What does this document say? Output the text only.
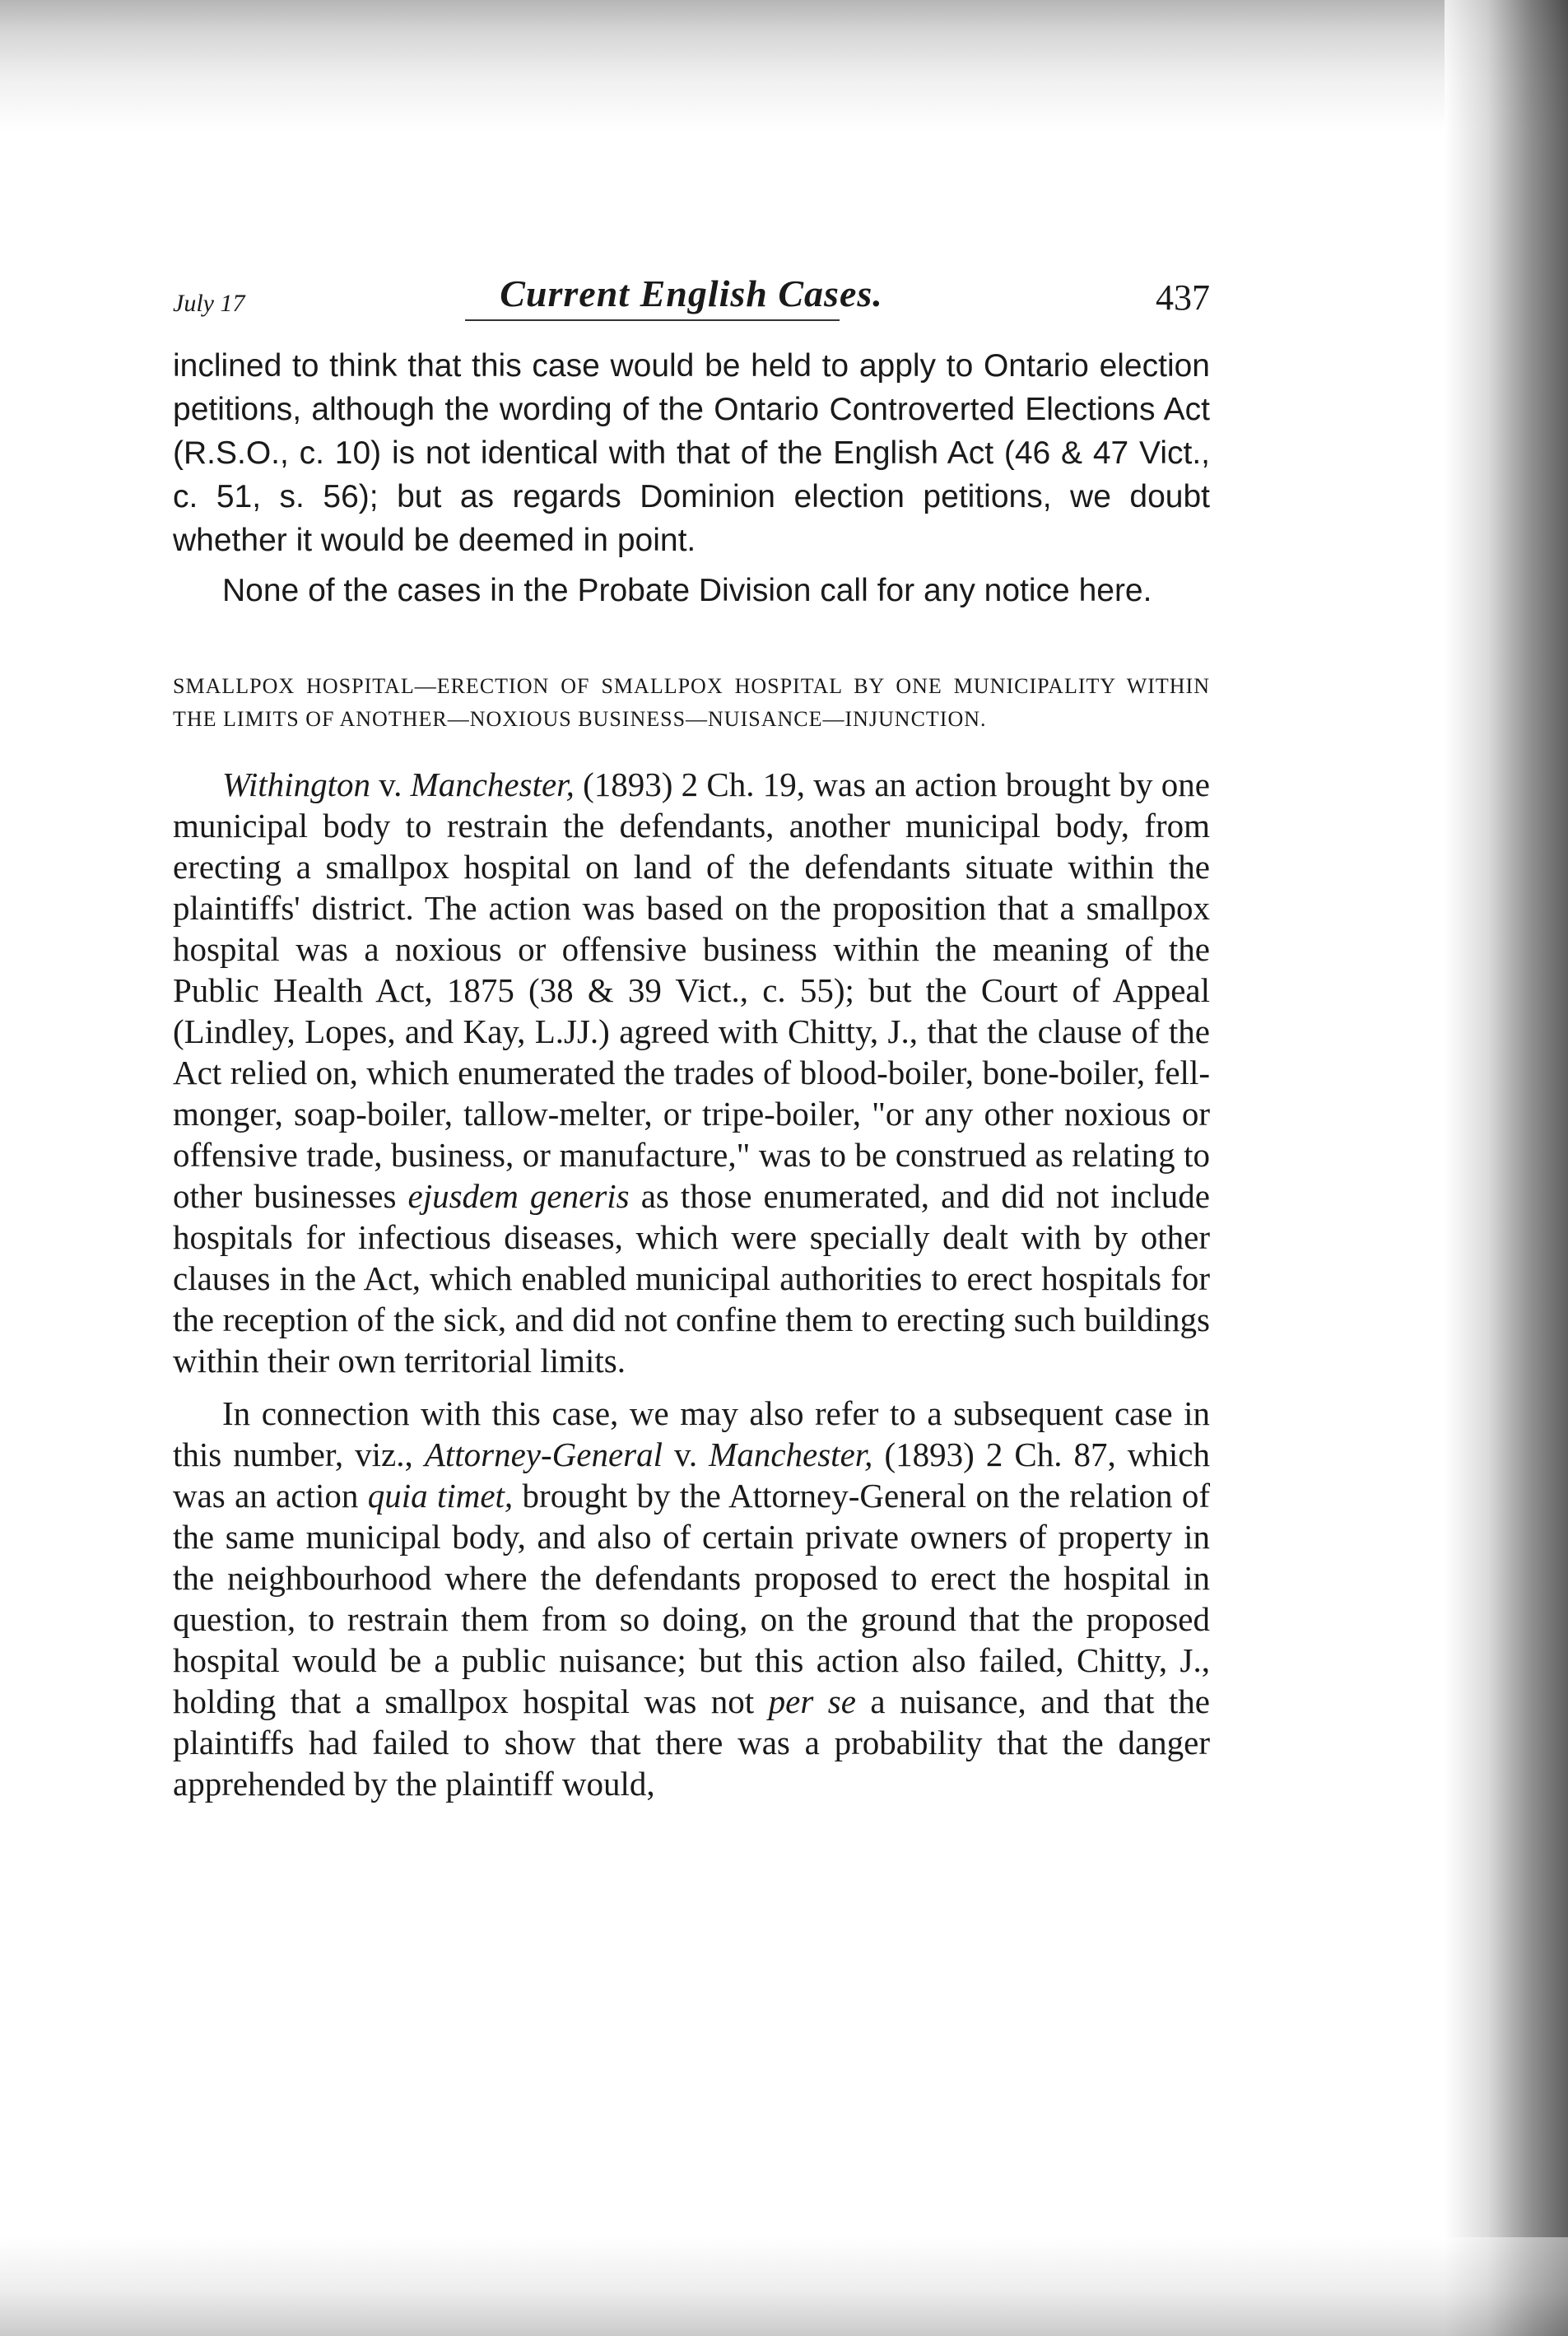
July 17	Current English Cases.	437

inclined to think that this case would be held to apply to Ontario election petitions, although the wording of the Ontario Controverted Elections Act (R.S.O., c. 10) is not identical with that of the English Act (46 & 47 Vict., c. 51, s. 56); but as regards Dominion election petitions, we doubt whether it would be deemed in point.

None of the cases in the Probate Division call for any notice here.

SMALLPOX HOSPITAL—ERECTION OF SMALLPOX HOSPITAL BY ONE MUNICIPALITY WITHIN THE LIMITS OF ANOTHER—NOXIOUS BUSINESS—NUISANCE—INJUNCTION.

Withington v. Manchester, (1893) 2 Ch. 19, was an action brought by one municipal body to restrain the defendants, another municipal body, from erecting a smallpox hospital on land of the defendants situate within the plaintiffs' district. The action was based on the proposition that a smallpox hospital was a noxious or offensive business within the meaning of the Public Health Act, 1875 (38 & 39 Vict., c. 55); but the Court of Appeal (Lindley, Lopes, and Kay, L.JJ.) agreed with Chitty, J., that the clause of the Act relied on, which enumerated the trades of blood-boiler, bone-boiler, fell-monger, soap-boiler, tallow-melter, or tripe-boiler, "or any other noxious or offensive trade, business, or manufacture," was to be construed as relating to other businesses ejusdem generis as those enumerated, and did not include hospitals for infectious diseases, which were specially dealt with by other clauses in the Act, which enabled municipal authorities to erect hospitals for the reception of the sick, and did not confine them to erecting such buildings within their own territorial limits.

In connection with this case, we may also refer to a subsequent case in this number, viz., Attorney-General v. Manchester, (1893) 2 Ch. 87, which was an action quia timet, brought by the Attorney-General on the relation of the same municipal body, and also of certain private owners of property in the neighbourhood where the defendants proposed to erect the hospital in question, to restrain them from so doing, on the ground that the proposed hospital would be a public nuisance; but this action also failed, Chitty, J., holding that a smallpox hospital was not per se a nuisance, and that the plaintiffs had failed to show that there was a probability that the danger apprehended by the plaintiff would,
